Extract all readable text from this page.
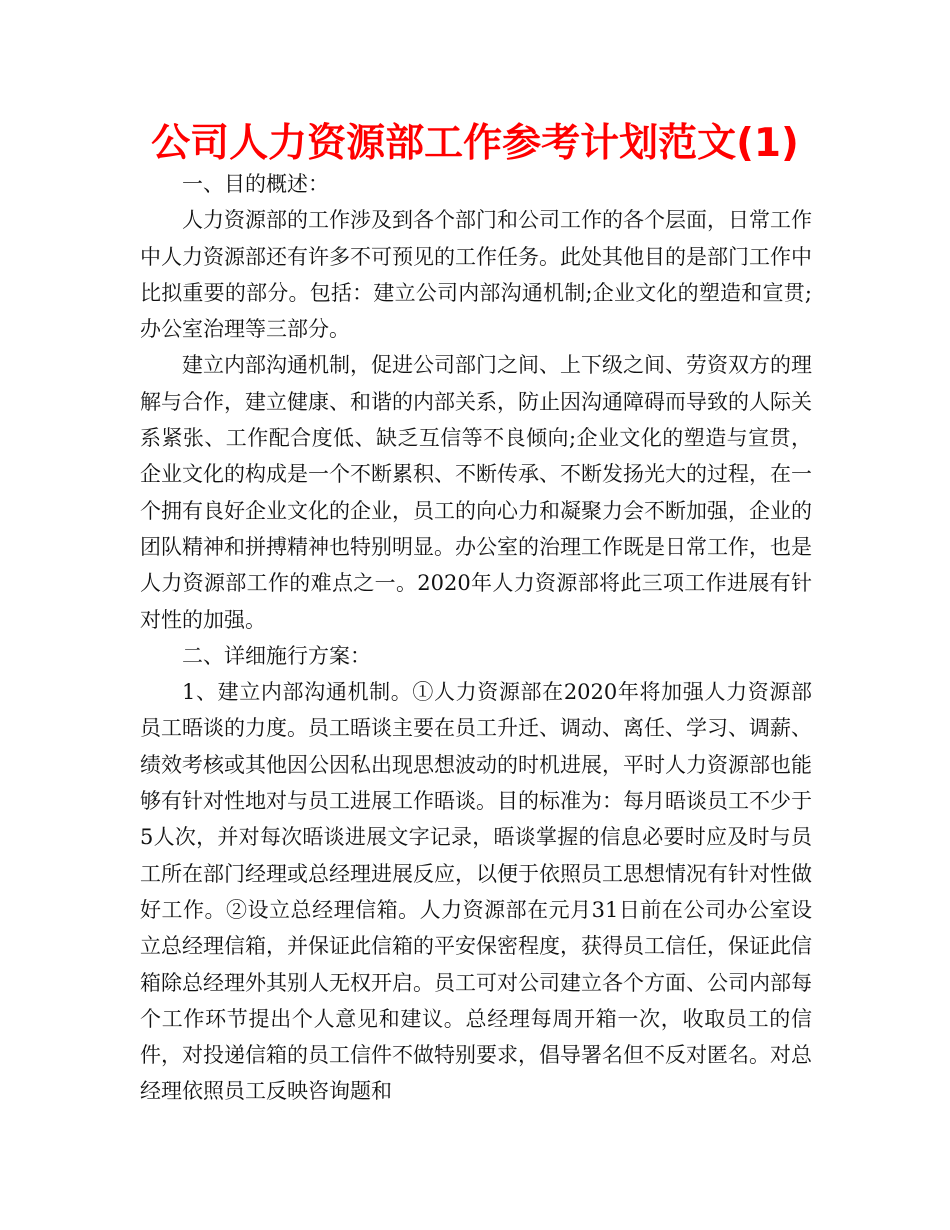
公司人力资源部工作参考计划范文(1)

一、目的概述：

人力资源部的工作涉及到各个部门和公司工作的各个层面，日常工作中人力资源部还有许多不可预见的工作任务。此处其他目的是部门工作中比拟重要的部分。包括：建立公司内部沟通机制;企业文化的塑造和宣贯;办公室治理等三部分。

建立内部沟通机制，促进公司部门之间、上下级之间、劳资双方的理解与合作，建立健康、和谐的内部关系，防止因沟通障碍而导致的人际关系紧张、工作配合度低、缺乏互信等不良倾向;企业文化的塑造与宣贯，企业文化的构成是一个不断累积、不断传承、不断发扬光大的过程，在一个拥有良好企业文化的企业，员工的向心力和凝聚力会不断加强，企业的团队精神和拼搏精神也特别明显。办公室的治理工作既是日常工作，也是人力资源部工作的难点之一。2020年人力资源部将此三项工作进展有针对性的加强。

二、详细施行方案：

1、建立内部沟通机制。①人力资源部在2020年将加强人力资源部员工晤谈的力度。员工晤谈主要在员工升迁、调动、离任、学习、调薪、绩效考核或其他因公因私出现思想波动的时机进展，平时人力资源部也能够有针对性地对与员工进展工作晤谈。目的标准为：每月晤谈员工不少于5人次，并对每次晤谈进展文字记录，晤谈掌握的信息必要时应及时与员工所在部门经理或总经理进展反应，以便于依照员工思想情况有针对性做好工作。②设立总经理信箱。人力资源部在元月31日前在公司办公室设立总经理信箱，并保证此信箱的平安保密程度，获得员工信任，保证此信箱除总经理外其别人无权开启。员工可对公司建立各个方面、公司内部每个工作环节提出个人意见和建议。总经理每周开箱一次，收取员工的信件，对投递信箱的员工信件不做特别要求，倡导署名但不反对匿名。对总经理依照员工反映咨询题和
